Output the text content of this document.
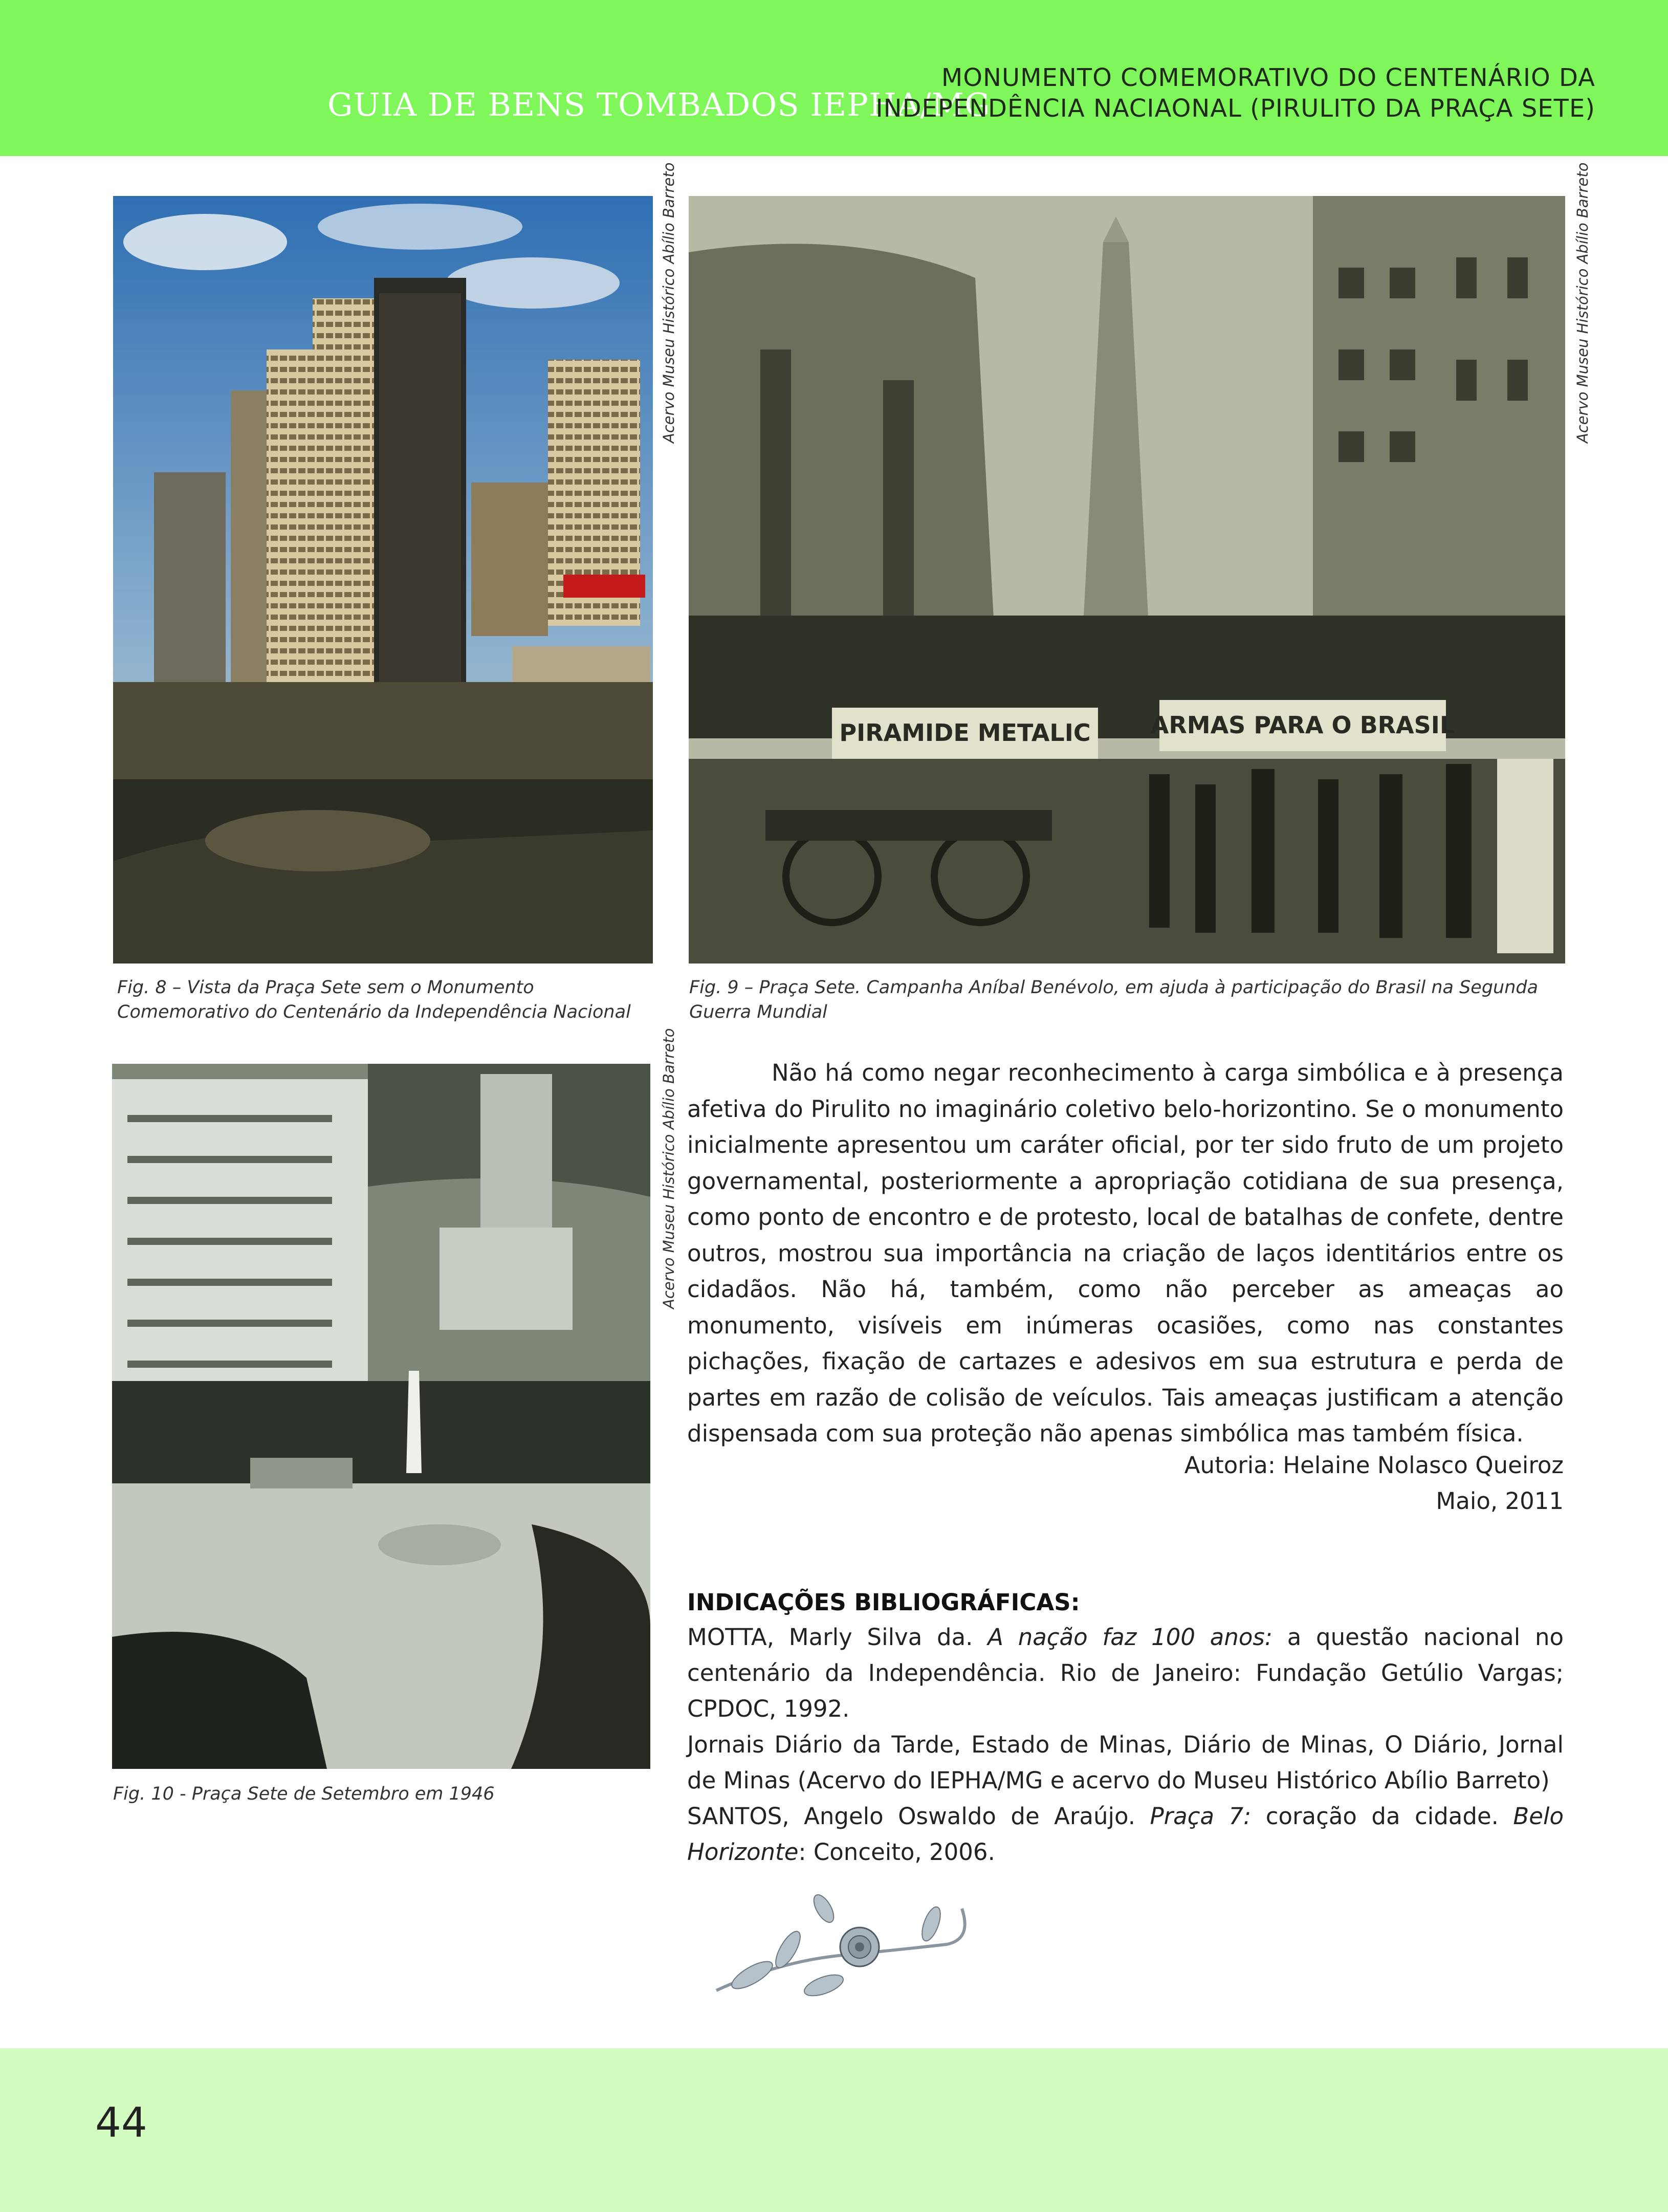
GUIA DE BENS TOMBADOS IEPHA/MG
MONUMENTO COMEMORATIVO DO CENTENÁRIO DA
INDEPENDÊNCIA NACIAONAL (PIRULITO DA PRAÇA SETE)
Acervo Museu Histórico Abílio Barreto
Fig. 8 – Vista da Praça Sete sem o Monumento Comemorativo do Centenário da Independência Nacional
PIRAMIDE METALIC	ARMAS PARA O BRASIL
Acervo Museu Histórico Abílio Barreto
Fig. 9 – Praça Sete. Campanha Aníbal Benévolo, em ajuda à participação do Brasil na Segunda Guerra Mundial
Acervo Museu Histórico Abílio Barreto
Fig. 10 - Praça Sete de Setembro em 1946

Não há como negar reconhecimento à carga simbólica e à presença afetiva do Pirulito no imaginário coletivo belo-horizontino. Se o monumento inicialmente apresentou um caráter oficial, por ter sido fruto de um projeto governamental, posteriormente a apropriação cotidiana de sua presença, como ponto de encontro e de protesto, local de batalhas de confete, dentre outros, mostrou sua importância na criação de laços identitários entre os cidadãos. Não há, também, como não perceber as ameaças ao monumento, visíveis em inúmeras ocasiões, como nas constantes pichações, fixação de cartazes e adesivos em sua estrutura e perda de partes em razão de colisão de veículos. Tais ameaças justificam a atenção dispensada com sua proteção não apenas simbólica mas também física.

Autoria: Helaine Nolasco Queiroz
Maio, 2011
INDICAÇÕES BIBLIOGRÁFICAS:

MOTTA, Marly Silva da. A nação faz 100 anos: a questão nacional no centenário da Independência. Rio de Janeiro: Fundação Getúlio Vargas; CPDOC, 1992.

Jornais Diário da Tarde, Estado de Minas, Diário de Minas, O Diário, Jornal de Minas (Acervo do IEPHA/MG e acervo do Museu Histórico Abílio Barreto)

SANTOS, Angelo Oswaldo de Araújo. Praça 7: coração da cidade. Belo Horizonte: Conceito, 2006.

44
